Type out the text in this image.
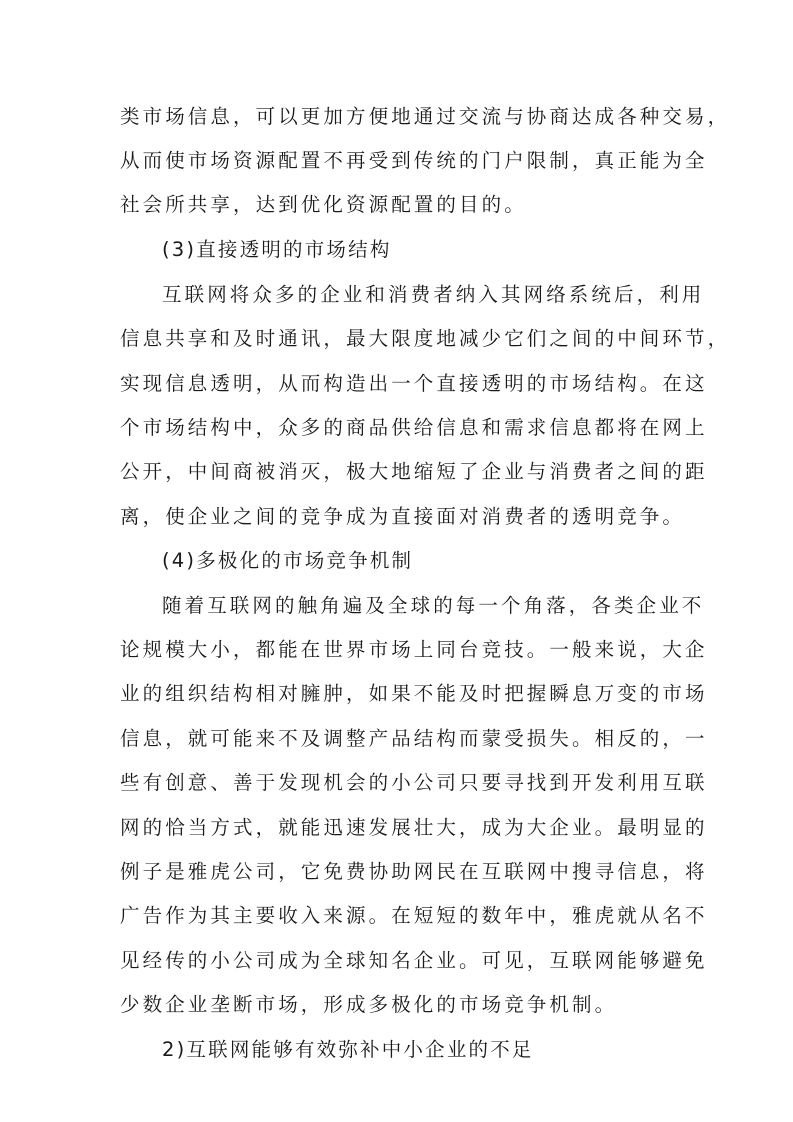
类市场信息，可以更加方便地通过交流与协商达成各种交易，
从而使市场资源配置不再受到传统的门户限制，真正能为全
社会所共享，达到优化资源配置的目的。
(3)直接透明的市场结构
互联网将众多的企业和消费者纳入其网络系统后，利用
信息共享和及时通讯，最大限度地减少它们之间的中间环节，
实现信息透明，从而构造出一个直接透明的市场结构。在这
个市场结构中，众多的商品供给信息和需求信息都将在网上
公开，中间商被消灭，极大地缩短了企业与消费者之间的距
离，使企业之间的竞争成为直接面对消费者的透明竞争。
(4)多极化的市场竞争机制
随着互联网的触角遍及全球的每一个角落，各类企业不
论规模大小，都能在世界市场上同台竞技。一般来说，大企
业的组织结构相对臃肿，如果不能及时把握瞬息万变的市场
信息，就可能来不及调整产品结构而蒙受损失。相反的，一
些有创意、善于发现机会的小公司只要寻找到开发利用互联
网的恰当方式，就能迅速发展壮大，成为大企业。最明显的
例子是雅虎公司，它免费协助网民在互联网中搜寻信息，将
广告作为其主要收入来源。在短短的数年中，雅虎就从名不
见经传的小公司成为全球知名企业。可见，互联网能够避免
少数企业垄断市场，形成多极化的市场竞争机制。
2)互联网能够有效弥补中小企业的不足
